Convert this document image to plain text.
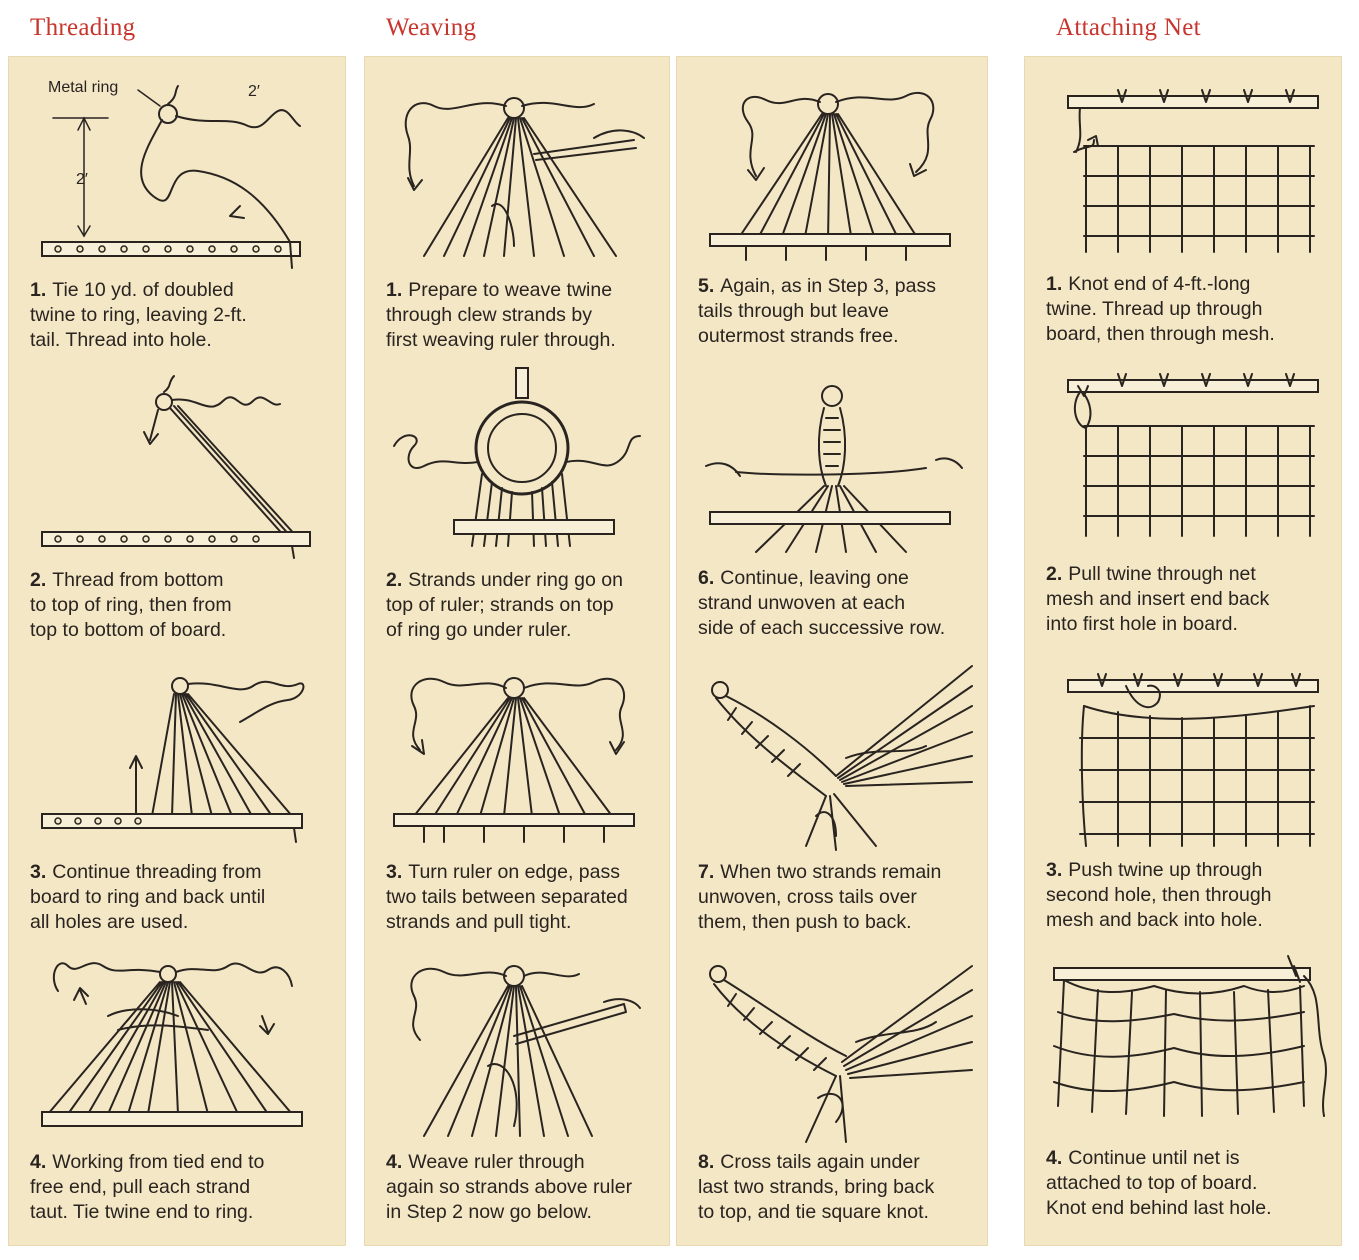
Threading	Weaving	Attaching Net
Metal ring	2′
2′
1. Tie 10 yd. of doubled
twine to ring, leaving 2-ft.
tail. Thread into hole.
2. Thread from bottom
to top of ring, then from
top to bottom of board.
3. Continue threading from
board to ring and back until
all holes are used.
4. Working from tied end to
free end, pull each strand
taut. Tie twine end to ring.
1. Prepare to weave twine
through clew strands by
first weaving ruler through.
2. Strands under ring go on
top of ruler; strands on top
of ring go under ruler.
3. Turn ruler on edge, pass
two tails between separated
strands and pull tight.
4. Weave ruler through
again so strands above ruler
in Step 2 now go below.
5. Again, as in Step 3, pass
tails through but leave
outermost strands free.
6. Continue, leaving one
strand unwoven at each
side of each successive row.
7. When two strands remain
unwoven, cross tails over
them, then push to back.
8. Cross tails again under
last two strands, bring back
to top, and tie square knot.
1. Knot end of 4-ft.-long
twine. Thread up through
board, then through mesh.
2. Pull twine through net
mesh and insert end back
into first hole in board.
3. Push twine up through
second hole, then through
mesh and back into hole.
4. Continue until net is
attached to top of board.
Knot end behind last hole.
